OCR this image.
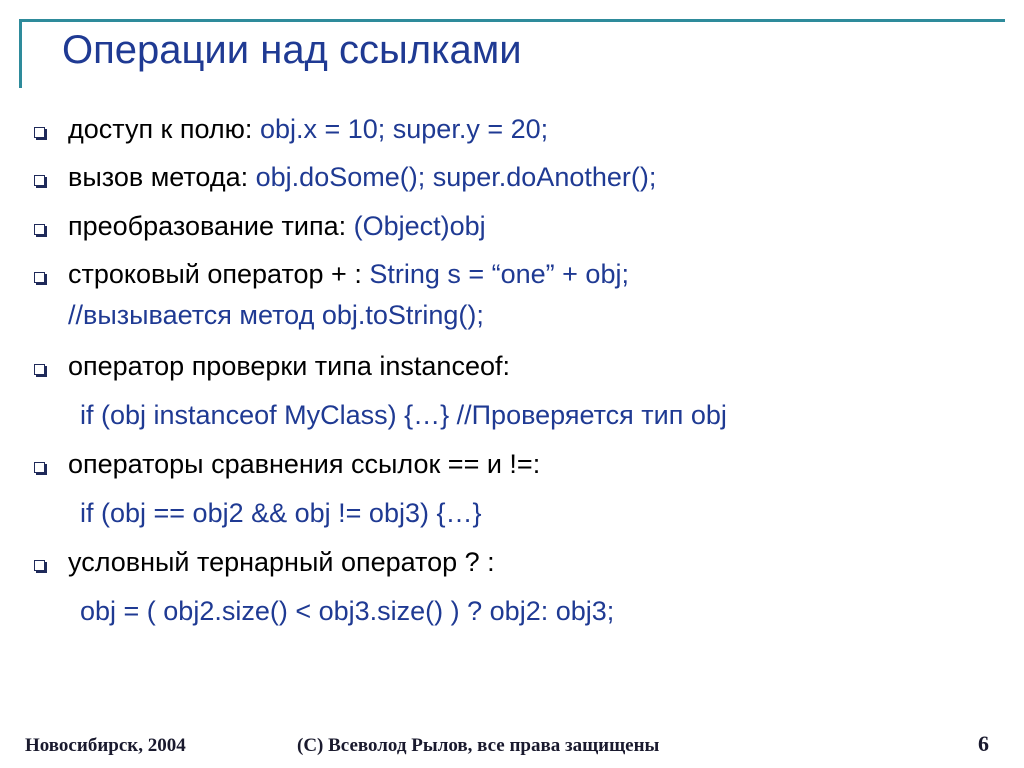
Операции над ссылками
доступ к полю: obj.x = 10; super.y = 20;
вызов метода: obj.doSome(); super.doAnother();
преобразование типа: (Object)obj
строковый оператор + : String s = “one” + obj;
//вызывается метод obj.toString();
оператор проверки типа instanceof:
if (obj instanceof MyClass) {…} //Проверяется тип obj
операторы сравнения ссылок == и !=:
if (obj == obj2 && obj != obj3) {…}
условный тернарный оператор ? :
obj = ( obj2.size() < obj3.size() ) ? obj2: obj3;
Новосибирск, 2004	(C) Всеволод Рылов, все права защищены	6
